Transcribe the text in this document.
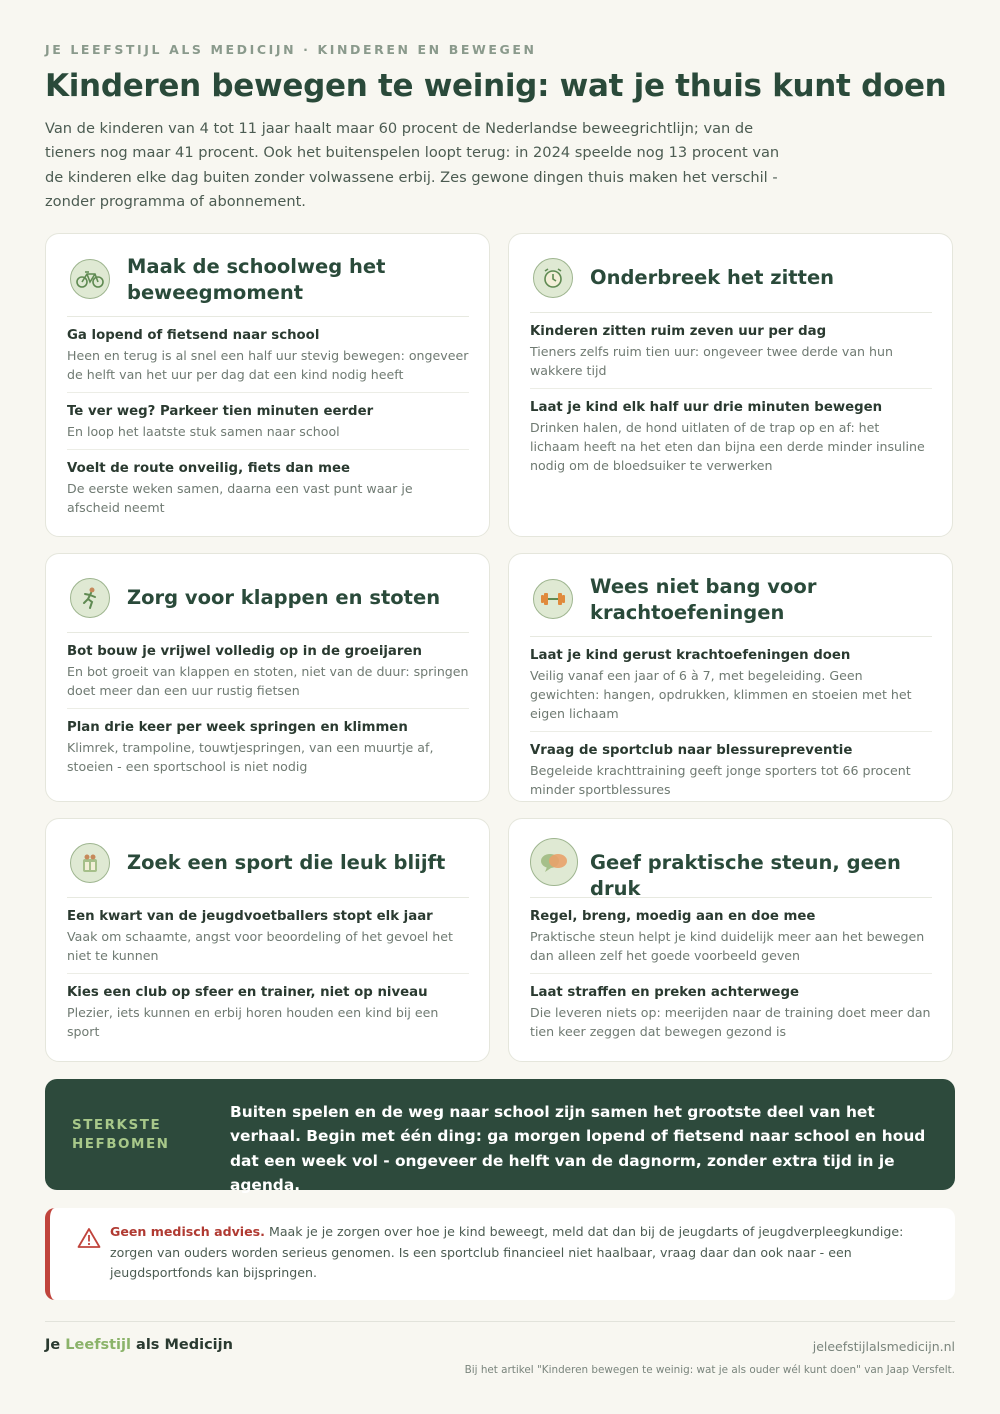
JE LEEFSTIJL ALS MEDICIJN · KINDEREN EN BEWEGEN
Kinderen bewegen te weinig: wat je thuis kunt doen

Van de kinderen van 4 tot 11 jaar haalt maar 60 procent de Nederlandse beweegrichtlijn; van de tieners nog maar 41 procent. Ook het buitenspelen loopt terug: in 2024 speelde nog 13 procent van de kinderen elke dag buiten zonder volwassene erbij. Zes gewone dingen thuis maken het verschil - zonder programma of abonnement.

Maak de schoolweg het beweegmoment
Ga lopend of fietsend naar school
Heen en terug is al snel een half uur stevig bewegen: ongeveer de helft van het uur per dag dat een kind nodig heeft
Te ver weg? Parkeer tien minuten eerder
En loop het laatste stuk samen naar school
Voelt de route onveilig, fiets dan mee
De eerste weken samen, daarna een vast punt waar je afscheid neemt
Onderbreek het zitten
Kinderen zitten ruim zeven uur per dag
Tieners zelfs ruim tien uur: ongeveer twee derde van hun wakkere tijd
Laat je kind elk half uur drie minuten bewegen
Drinken halen, de hond uitlaten of de trap op en af: het lichaam heeft na het eten dan bijna een derde minder insuline nodig om de bloedsuiker te verwerken
Zorg voor klappen en stoten
Bot bouw je vrijwel volledig op in de groeijaren
En bot groeit van klappen en stoten, niet van de duur: springen doet meer dan een uur rustig fietsen
Plan drie keer per week springen en klimmen
Klimrek, trampoline, touwtjespringen, van een muurtje af, stoeien - een sportschool is niet nodig
Wees niet bang voor krachtoefeningen
Laat je kind gerust krachtoefeningen doen
Veilig vanaf een jaar of 6 à 7, met begeleiding. Geen gewichten: hangen, opdrukken, klimmen en stoeien met het eigen lichaam
Vraag de sportclub naar blessurepreventie
Begeleide krachttraining geeft jonge sporters tot 66 procent minder sportblessures
Zoek een sport die leuk blijft
Een kwart van de jeugdvoetballers stopt elk jaar
Vaak om schaamte, angst voor beoordeling of het gevoel het niet te kunnen
Kies een club op sfeer en trainer, niet op niveau
Plezier, iets kunnen en erbij horen houden een kind bij een sport
Geef praktische steun, geen druk
Regel, breng, moedig aan en doe mee
Praktische steun helpt je kind duidelijk meer aan het bewegen dan alleen zelf het goede voorbeeld geven
Laat straffen en preken achterwege
Die leveren niets op: meerijden naar de training doet meer dan tien keer zeggen dat bewegen gezond is
STERKSTE HEFBOMEN
Buiten spelen en de weg naar school zijn samen het grootste deel van het verhaal. Begin met één ding: ga morgen lopend of fietsend naar school en houd dat een week vol - ongeveer de helft van de dagnorm, zonder extra tijd in je agenda.
Geen medisch advies. Maak je je zorgen over hoe je kind beweegt, meld dat dan bij de jeugdarts of jeugdverpleegkundige: zorgen van ouders worden serieus genomen. Is een sportclub financieel niet haalbaar, vraag daar dan ook naar - een jeugdsportfonds kan bijspringen.
Je Leefstijl als Medicijn	jeleefstijlalsmedicijn.nl
Bij het artikel "Kinderen bewegen te weinig: wat je als ouder wél kunt doen" van Jaap Versfelt.
